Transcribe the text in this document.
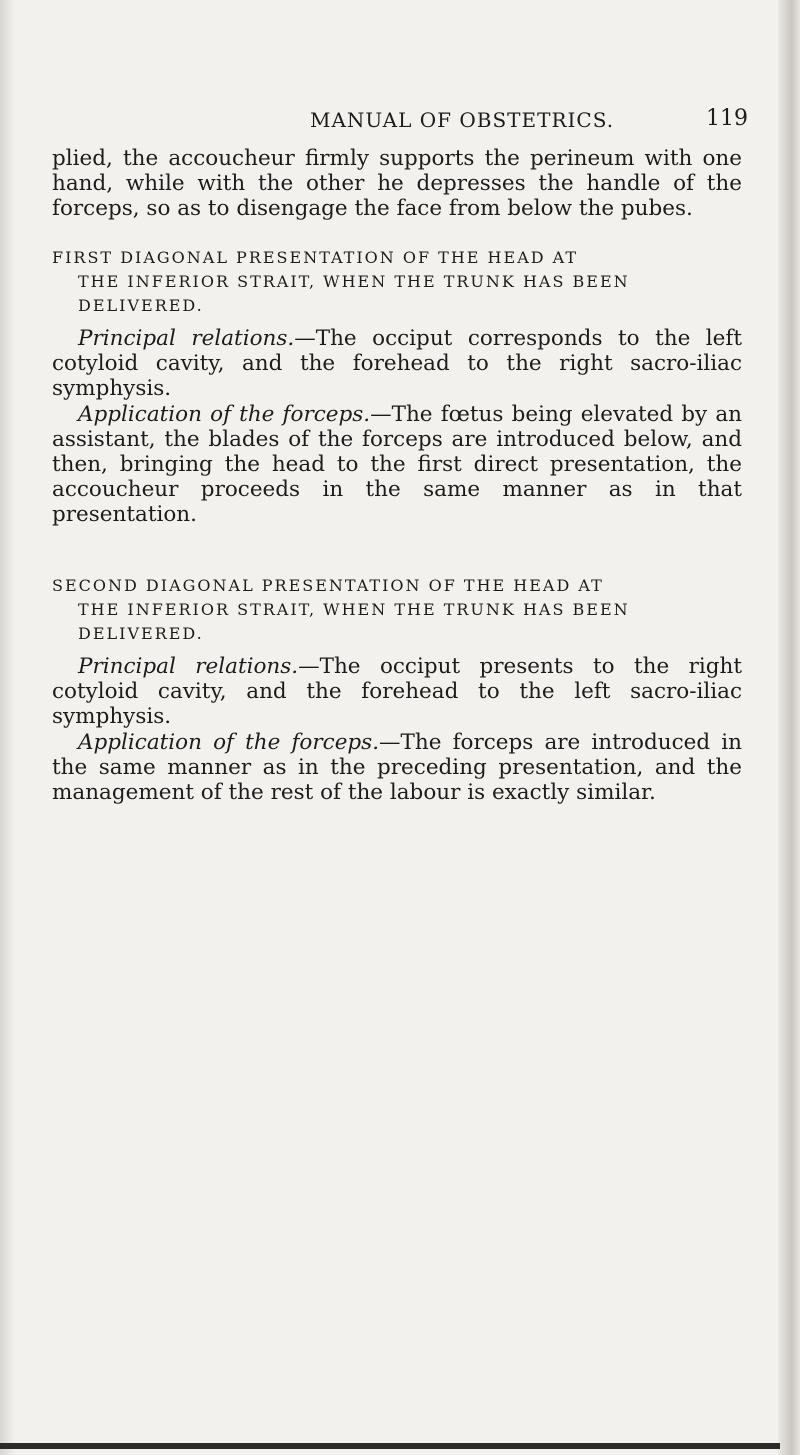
MANUAL OF OBSTETRICS.	119

plied, the accoucheur firmly supports the perineum with one hand, while with the other he depresses the handle of the forceps, so as to disengage the face from below the pubes.

FIRST DIAGONAL PRESENTATION OF THE HEAD AT
THE INFERIOR STRAIT, WHEN THE TRUNK HAS BEEN DELIVERED.

Principal relations.—The occiput corresponds to the left cotyloid cavity, and the forehead to the right sacro-iliac symphysis.

Application of the forceps.—The fœtus being elevated by an assistant, the blades of the forceps are introduced below, and then, bringing the head to the first direct presentation, the accoucheur proceeds in the same manner as in that presentation.

SECOND DIAGONAL PRESENTATION OF THE HEAD AT
THE INFERIOR STRAIT, WHEN THE TRUNK HAS BEEN DELIVERED.

Principal relations.—The occiput presents to the right cotyloid cavity, and the forehead to the left sacro-iliac symphysis.

Application of the forceps.—The forceps are introduced in the same manner as in the preceding presentation, and the management of the rest of the labour is exactly similar.
